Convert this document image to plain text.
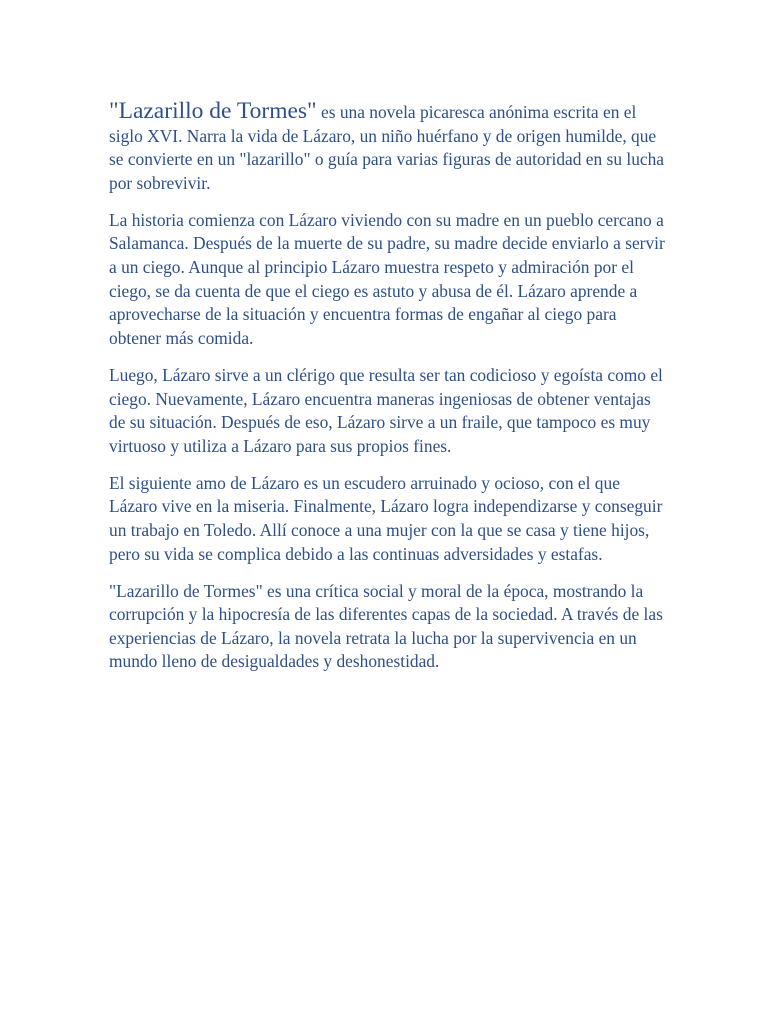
"Lazarillo de Tormes" es una novela picaresca anónima escrita en el siglo XVI. Narra la vida de Lázaro, un niño huérfano y de origen humilde, que se convierte en un "lazarillo" o guía para varias figuras de autoridad en su lucha por sobrevivir.

La historia comienza con Lázaro viviendo con su madre en un pueblo cercano a Salamanca. Después de la muerte de su padre, su madre decide enviarlo a servir a un ciego. Aunque al principio Lázaro muestra respeto y admiración por el ciego, se da cuenta de que el ciego es astuto y abusa de él. Lázaro aprende a aprovecharse de la situación y encuentra formas de engañar al ciego para obtener más comida.

Luego, Lázaro sirve a un clérigo que resulta ser tan codicioso y egoísta como el ciego. Nuevamente, Lázaro encuentra maneras ingeniosas de obtener ventajas de su situación. Después de eso, Lázaro sirve a un fraile, que tampoco es muy virtuoso y utiliza a Lázaro para sus propios fines.

El siguiente amo de Lázaro es un escudero arruinado y ocioso, con el que Lázaro vive en la miseria. Finalmente, Lázaro logra independizarse y conseguir un trabajo en Toledo. Allí conoce a una mujer con la que se casa y tiene hijos, pero su vida se complica debido a las continuas adversidades y estafas.

"Lazarillo de Tormes" es una crítica social y moral de la época, mostrando la corrupción y la hipocresía de las diferentes capas de la sociedad. A través de las experiencias de Lázaro, la novela retrata la lucha por la supervivencia en un mundo lleno de desigualdades y deshonestidad.
